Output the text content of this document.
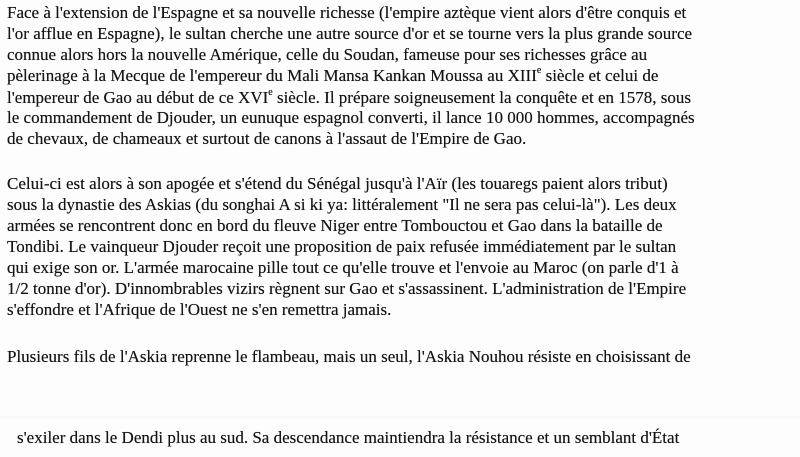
Face à l'extension de l'Espagne et sa nouvelle richesse (l'empire aztèque vient alors d'être conquis et
l'or afflue en Espagne), le sultan cherche une autre source d'or et se tourne vers la plus grande source
connue alors hors la nouvelle Amérique, celle du Soudan, fameuse pour ses richesses grâce au
pèlerinage à la Mecque de l'empereur du Mali Mansa Kankan Moussa au XIIIe siècle et celui de
l'empereur de Gao au début de ce XVIe siècle. Il prépare soigneusement la conquête et en 1578, sous
le commandement de Djouder, un eunuque espagnol converti, il lance 10 000 hommes, accompagnés
de chevaux, de chameaux et surtout de canons à l'assaut de l'Empire de Gao.
Celui-ci est alors à son apogée et s'étend du Sénégal jusqu'à l'Aïr (les touaregs paient alors tribut)
sous la dynastie des Askias (du songhai A si ki ya: littéralement "Il ne sera pas celui-là"). Les deux
armées se rencontrent donc en bord du fleuve Niger entre Tombouctou et Gao dans la bataille de
Tondibi. Le vainqueur Djouder reçoit une proposition de paix refusée immédiatement par le sultan
qui exige son or. L'armée marocaine pille tout ce qu'elle trouve et l'envoie au Maroc (on parle d'1 à
1/2 tonne d'or). D'innombrables vizirs règnent sur Gao et s'assassinent. L'administration de l'Empire
s'effondre et l'Afrique de l'Ouest ne s'en remettra jamais.
Plusieurs fils de l'Askia reprenne le flambeau, mais un seul, l'Askia Nouhou résiste en choisissant de
s'exiler dans le Dendi plus au sud. Sa descendance maintiendra la résistance et un semblant d'État
